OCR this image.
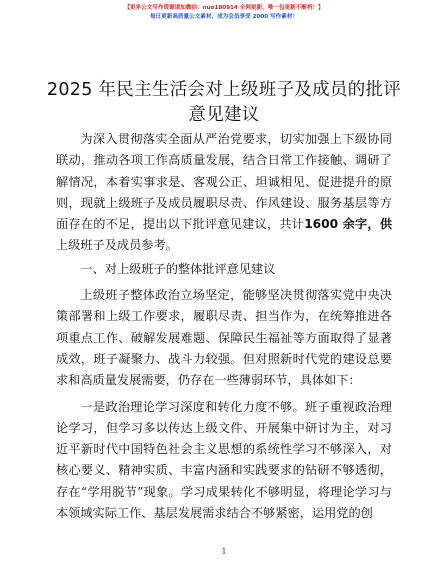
【更多公文写作资源请加微信：nuo180914 全网更新，唯一包更新不断档！】
每日更新高质量公文素材，成为会员享受 2000 写作素材！
2025 年民主生活会对上级班子及成员的批评意见建议

为深入贯彻落实全面从严治党要求，切实加强上下级协同联动，推动各项工作高质量发展，结合日常工作接触、调研了解情况，本着实事求是、客观公正、坦诚相见、促进提升的原则，现就上级班子及成员履职尽责、作风建设、服务基层等方面存在的不足，提出以下批评意见建议，共计1600 余字，供上级班子及成员参考。

一、对上级班子的整体批评意见建议

上级班子整体政治立场坚定，能够坚决贯彻落实党中央决策部署和上级工作要求，履职尽责、担当作为，在统筹推进各项重点工作、破解发展难题、保障民生福祉等方面取得了显著成效，班子凝聚力、战斗力较强。但对照新时代党的建设总要求和高质量发展需要，仍存在一些薄弱环节，具体如下：

一是政治理论学习深度和转化力度不够。班子重视政治理论学习，但学习多以传达上级文件、开展集中研讨为主，对习近平新时代中国特色社会主义思想的系统性学习不够深入，对核心要义、精神实质、丰富内涵和实践要求的钻研不够透彻，存在“学用脱节”现象。学习成果转化不够明显，将理论学习与本领域实际工作、基层发展需求结合不够紧密，运用党的创

1
